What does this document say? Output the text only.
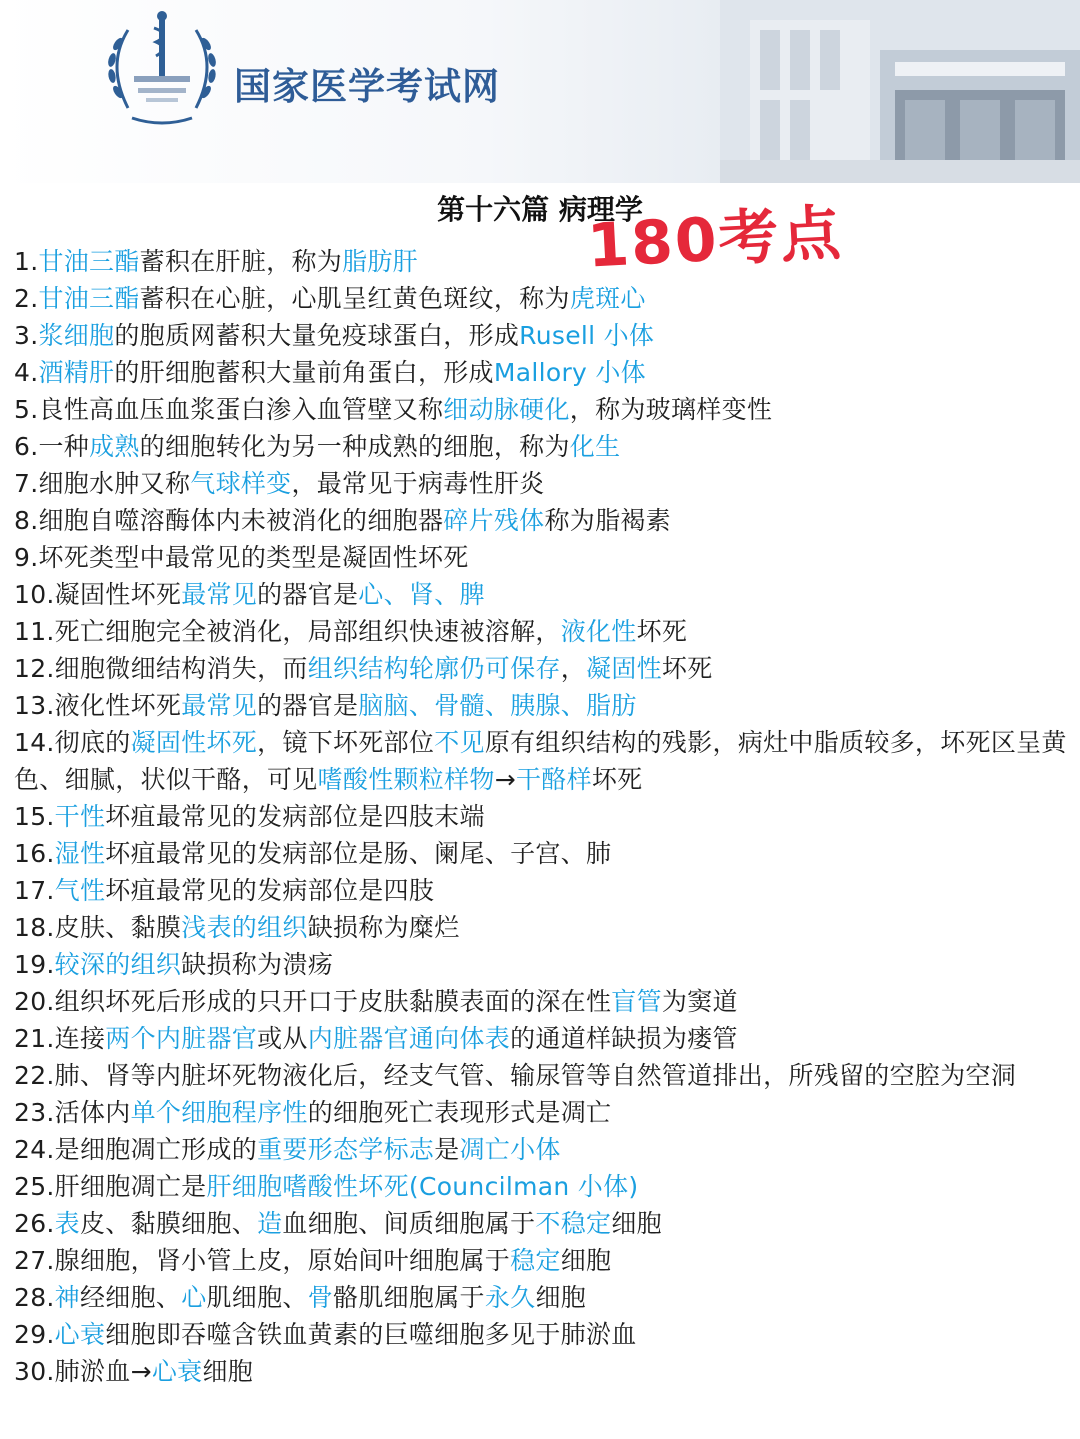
国家医学考试网
第十六篇 病理学
180考点

1.甘油三酯蓄积在肝脏，称为脂肪肝

2.甘油三酯蓄积在心脏，心肌呈红黄色斑纹，称为虎斑心

3.浆细胞的胞质网蓄积大量免疫球蛋白，形成Rusell 小体

4.酒精肝的肝细胞蓄积大量前角蛋白，形成Mallory 小体

5.良性高血压血浆蛋白渗入血管壁又称细动脉硬化，称为玻璃样变性

6.一种成熟的细胞转化为另一种成熟的细胞，称为化生

7.细胞水肿又称气球样变，最常见于病毒性肝炎

8.细胞自噬溶酶体内未被消化的细胞器碎片残体称为脂褐素

9.坏死类型中最常见的类型是凝固性坏死

10.凝固性坏死最常见的器官是心、肾、脾

11.死亡细胞完全被消化，局部组织快速被溶解，液化性坏死

12.细胞微细结构消失，而组织结构轮廓仍可保存，凝固性坏死

13.液化性坏死最常见的器官是脑脑、骨髓、胰腺、脂肪

14.彻底的凝固性坏死，镜下坏死部位不见原有组织结构的残影，病灶中脂质较多，坏死区呈黄色、细腻，状似干酪，可见嗜酸性颗粒样物→干酪样坏死

15.干性坏疽最常见的发病部位是四肢末端

16.湿性坏疽最常见的发病部位是肠、阑尾、子宫、肺

17.气性坏疽最常见的发病部位是四肢

18.皮肤、黏膜浅表的组织缺损称为糜烂

19.较深的组织缺损称为溃疡

20.组织坏死后形成的只开口于皮肤黏膜表面的深在性盲管为窦道

21.连接两个内脏器官或从内脏器官通向体表的通道样缺损为瘘管

22.肺、肾等内脏坏死物液化后，经支气管、输尿管等自然管道排出，所残留的空腔为空洞

23.活体内单个细胞程序性的细胞死亡表现形式是凋亡

24.是细胞凋亡形成的重要形态学标志是凋亡小体

25.肝细胞凋亡是肝细胞嗜酸性坏死(Councilman 小体)

26.表皮、黏膜细胞、造血细胞、间质细胞属于不稳定细胞

27.腺细胞，肾小管上皮，原始间叶细胞属于稳定细胞

28.神经细胞、心肌细胞、骨骼肌细胞属于永久细胞

29.心衰细胞即吞噬含铁血黄素的巨噬细胞多见于肺淤血

30.肺淤血→心衰细胞
